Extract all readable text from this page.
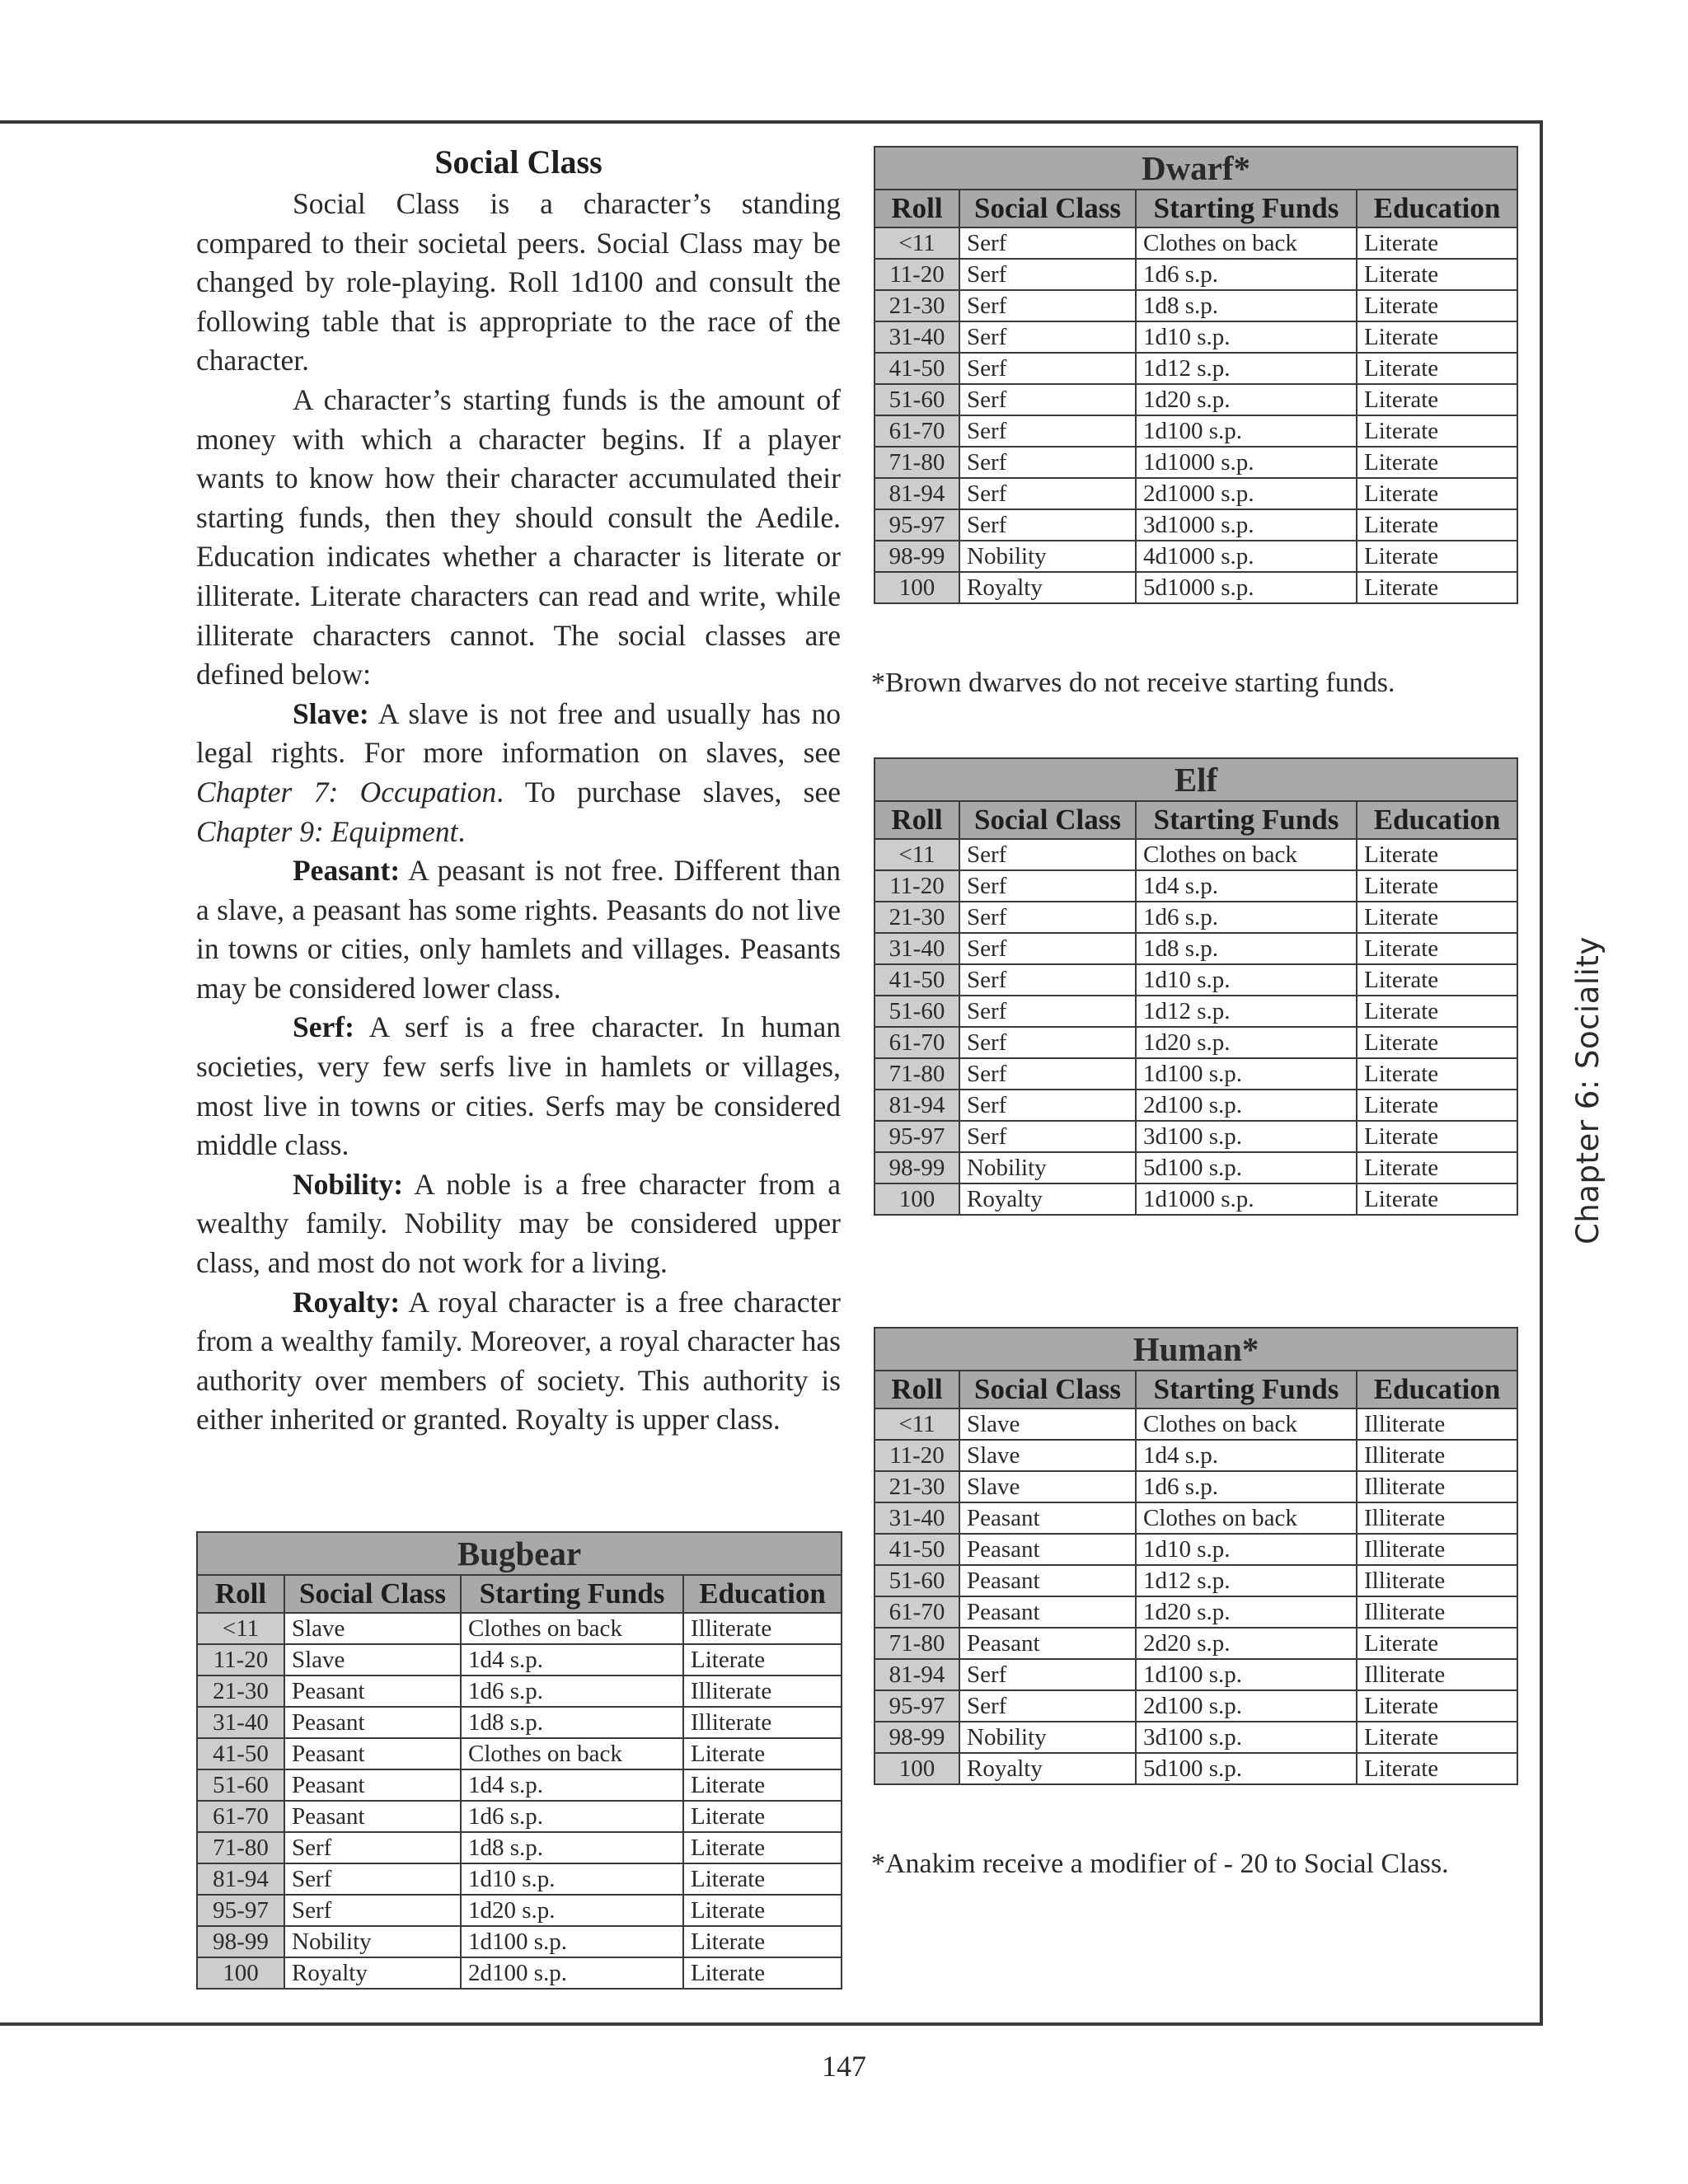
Social Class

Social Class is a character’s standing compared to their societal peers. Social Class may be changed by role-playing. Roll 1d100 and consult the following table that is appropriate to the race of the character.

A character’s starting funds is the amount of money with which a character begins. If a player wants to know how their character accumulated their starting funds, then they should consult the Aedile. Education indicates whether a character is literate or illiterate. Literate characters can read and write, while illiterate characters cannot. The social classes are defined below:

Slave: A slave is not free and usually has no legal rights. For more information on slaves, see Chapter 7: Occupation. To purchase slaves, see Chapter 9: Equipment.

Peasant: A peasant is not free. Different than a slave, a peasant has some rights. Peasants do not live in towns or cities, only hamlets and villages. Peasants may be considered lower class.

Serf: A serf is a free character. In human societies, very few serfs live in hamlets or villages, most live in towns or cities. Serfs may be considered middle class.

Nobility: A noble is a free character from a wealthy family. Nobility may be considered upper class, and most do not work for a living.

Royalty: A royal character is a free character from a wealthy family. Moreover, a royal character has authority over members of society. This authority is either inherited or granted. Royalty is upper class.

Bugbear			
Roll	Social Class	Starting Funds	Education
<11	Slave	Clothes on back	Illiterate
11-20	Slave	1d4 s.p.	Literate
21-30	Peasant	1d6 s.p.	Illiterate
31-40	Peasant	1d8 s.p.	Illiterate
41-50	Peasant	Clothes on back	Literate
51-60	Peasant	1d4 s.p.	Literate
61-70	Peasant	1d6 s.p.	Literate
71-80	Serf	1d8 s.p.	Literate
81-94	Serf	1d10 s.p.	Literate
95-97	Serf	1d20 s.p.	Literate
98-99	Nobility	1d100 s.p.	Literate
100	Royalty	2d100 s.p.	Literate
Dwarf*			
Roll	Social Class	Starting Funds	Education
<11	Serf	Clothes on back	Literate
11-20	Serf	1d6 s.p.	Literate
21-30	Serf	1d8 s.p.	Literate
31-40	Serf	1d10 s.p.	Literate
41-50	Serf	1d12 s.p.	Literate
51-60	Serf	1d20 s.p.	Literate
61-70	Serf	1d100 s.p.	Literate
71-80	Serf	1d1000 s.p.	Literate
81-94	Serf	2d1000 s.p.	Literate
95-97	Serf	3d1000 s.p.	Literate
98-99	Nobility	4d1000 s.p.	Literate
100	Royalty	5d1000 s.p.	Literate

*Brown dwarves do not receive starting funds.

Elf			
Roll	Social Class	Starting Funds	Education
<11	Serf	Clothes on back	Literate
11-20	Serf	1d4 s.p.	Literate
21-30	Serf	1d6 s.p.	Literate
31-40	Serf	1d8 s.p.	Literate
41-50	Serf	1d10 s.p.	Literate
51-60	Serf	1d12 s.p.	Literate
61-70	Serf	1d20 s.p.	Literate
71-80	Serf	1d100 s.p.	Literate
81-94	Serf	2d100 s.p.	Literate
95-97	Serf	3d100 s.p.	Literate
98-99	Nobility	5d100 s.p.	Literate
100	Royalty	1d1000 s.p.	Literate
Human*			
Roll	Social Class	Starting Funds	Education
<11	Slave	Clothes on back	Illiterate
11-20	Slave	1d4 s.p.	Illiterate
21-30	Slave	1d6 s.p.	Illiterate
31-40	Peasant	Clothes on back	Illiterate
41-50	Peasant	1d10 s.p.	Illiterate
51-60	Peasant	1d12 s.p.	Illiterate
61-70	Peasant	1d20 s.p.	Illiterate
71-80	Peasant	2d20 s.p.	Literate
81-94	Serf	1d100 s.p.	Illiterate
95-97	Serf	2d100 s.p.	Literate
98-99	Nobility	3d100 s.p.	Literate
100	Royalty	5d100 s.p.	Literate

*Anakim receive a modifier of - 20 to Social Class.

Chapter 6: Sociality

147
